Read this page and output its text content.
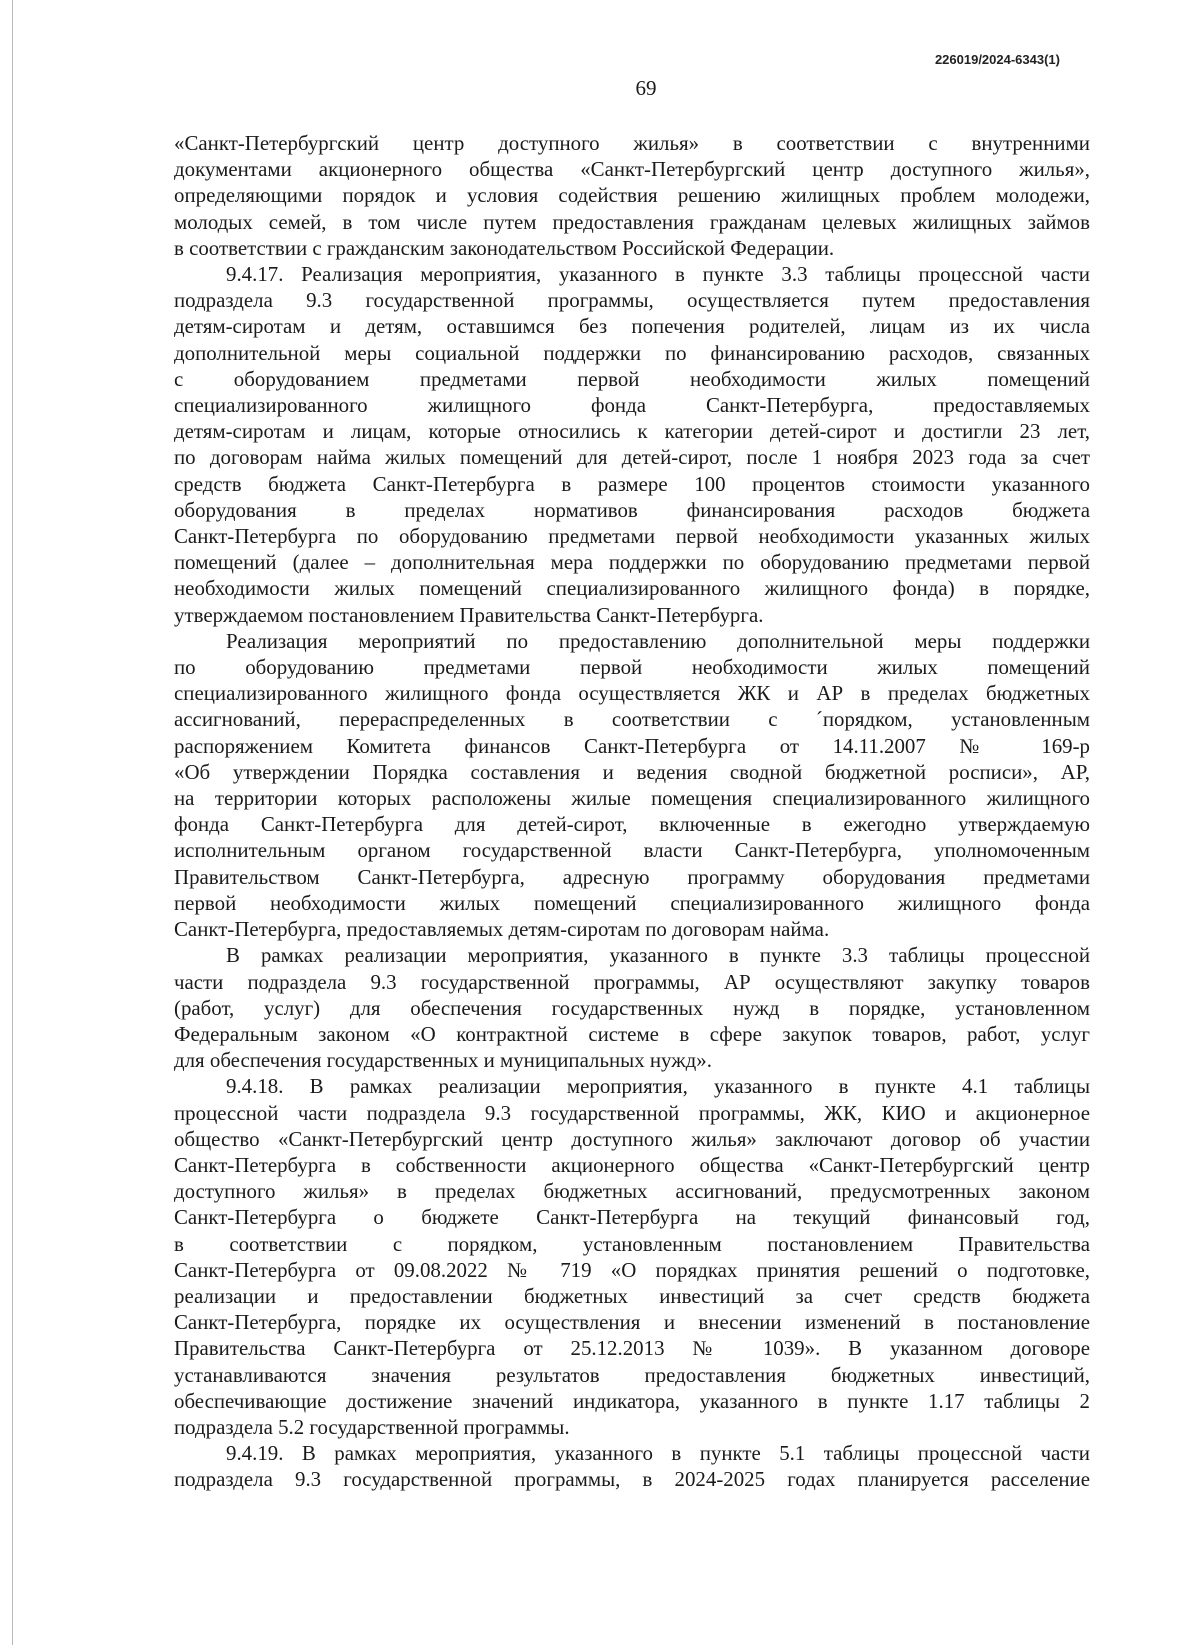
226019/2024-6343(1)
69

«Санкт-Петербургский центр доступного жилья» в соответствии с внутренними

документами акционерного общества «Санкт-Петербургский центр доступного жилья»,

определяющими порядок и условия содействия решению жилищных проблем молодежи,

молодых семей, в том числе путем предоставления гражданам целевых жилищных займов

в соответствии с гражданским законодательством Российской Федерации.

9.4.17. Реализация мероприятия, указанного в пункте 3.3 таблицы процессной части

подраздела 9.3 государственной программы, осуществляется путем предоставления

детям-сиротам и детям, оставшимся без попечения родителей, лицам из их числа

дополнительной меры социальной поддержки по финансированию расходов, связанных

с оборудованием предметами первой необходимости жилых помещений

специализированного жилищного фонда Санкт-Петербурга, предоставляемых

детям-сиротам и лицам, которые относились к категории детей-сирот и достигли 23 лет,

по договорам найма жилых помещений для детей-сирот, после 1 ноября 2023 года за счет

средств бюджета Санкт-Петербурга в размере 100 процентов стоимости указанного

оборудования в пределах нормативов финансирования расходов бюджета

Санкт-Петербурга по оборудованию предметами первой необходимости указанных жилых

помещений (далее – дополнительная мера поддержки по оборудованию предметами первой

необходимости жилых помещений специализированного жилищного фонда) в порядке,

утверждаемом постановлением Правительства Санкт-Петербурга.

Реализация мероприятий по предоставлению дополнительной меры поддержки

по оборудованию предметами первой необходимости жилых помещений

специализированного жилищного фонда осуществляется ЖК и АР в пределах бюджетных

ассигнований, перераспределенных в соответствии с ´порядком, установленным

распоряжением Комитета финансов Санкт-Петербурга от 14.11.2007 № 169-р

«Об утверждении Порядка составления и ведения сводной бюджетной росписи», АР,

на территории которых расположены жилые помещения специализированного жилищного

фонда Санкт-Петербурга для детей-сирот, включенные в ежегодно утверждаемую

исполнительным органом государственной власти Санкт-Петербурга, уполномоченным

Правительством Санкт-Петербурга, адресную программу оборудования предметами

первой необходимости жилых помещений специализированного жилищного фонда

Санкт-Петербурга, предоставляемых детям-сиротам по договорам найма.

В рамках реализации мероприятия, указанного в пункте 3.3 таблицы процессной

части подраздела 9.3 государственной программы, АР осуществляют закупку товаров

(работ, услуг) для обеспечения государственных нужд в порядке, установленном

Федеральным законом «О контрактной системе в сфере закупок товаров, работ, услуг

для обеспечения государственных и муниципальных нужд».

9.4.18. В рамках реализации мероприятия, указанного в пункте 4.1 таблицы

процессной части подраздела 9.3 государственной программы, ЖК, КИО и акционерное

общество «Санкт-Петербургский центр доступного жилья» заключают договор об участии

Санкт-Петербурга в собственности акционерного общества «Санкт-Петербургский центр

доступного жилья» в пределах бюджетных ассигнований, предусмотренных законом

Санкт-Петербурга о бюджете Санкт-Петербурга на текущий финансовый год,

в соответствии с порядком, установленным постановлением Правительства

Санкт-Петербурга от 09.08.2022 № 719 «О порядках принятия решений о подготовке,

реализации и предоставлении бюджетных инвестиций за счет средств бюджета

Санкт-Петербурга, порядке их осуществления и внесении изменений в постановление

Правительства Санкт-Петербурга от 25.12.2013 № 1039». В указанном договоре

устанавливаются значения результатов предоставления бюджетных инвестиций,

обеспечивающие достижение значений индикатора, указанного в пункте 1.17 таблицы 2

подраздела 5.2 государственной программы.

9.4.19. В рамках мероприятия, указанного в пункте 5.1 таблицы процессной части

подраздела 9.3 государственной программы, в 2024-2025 годах планируется расселение
